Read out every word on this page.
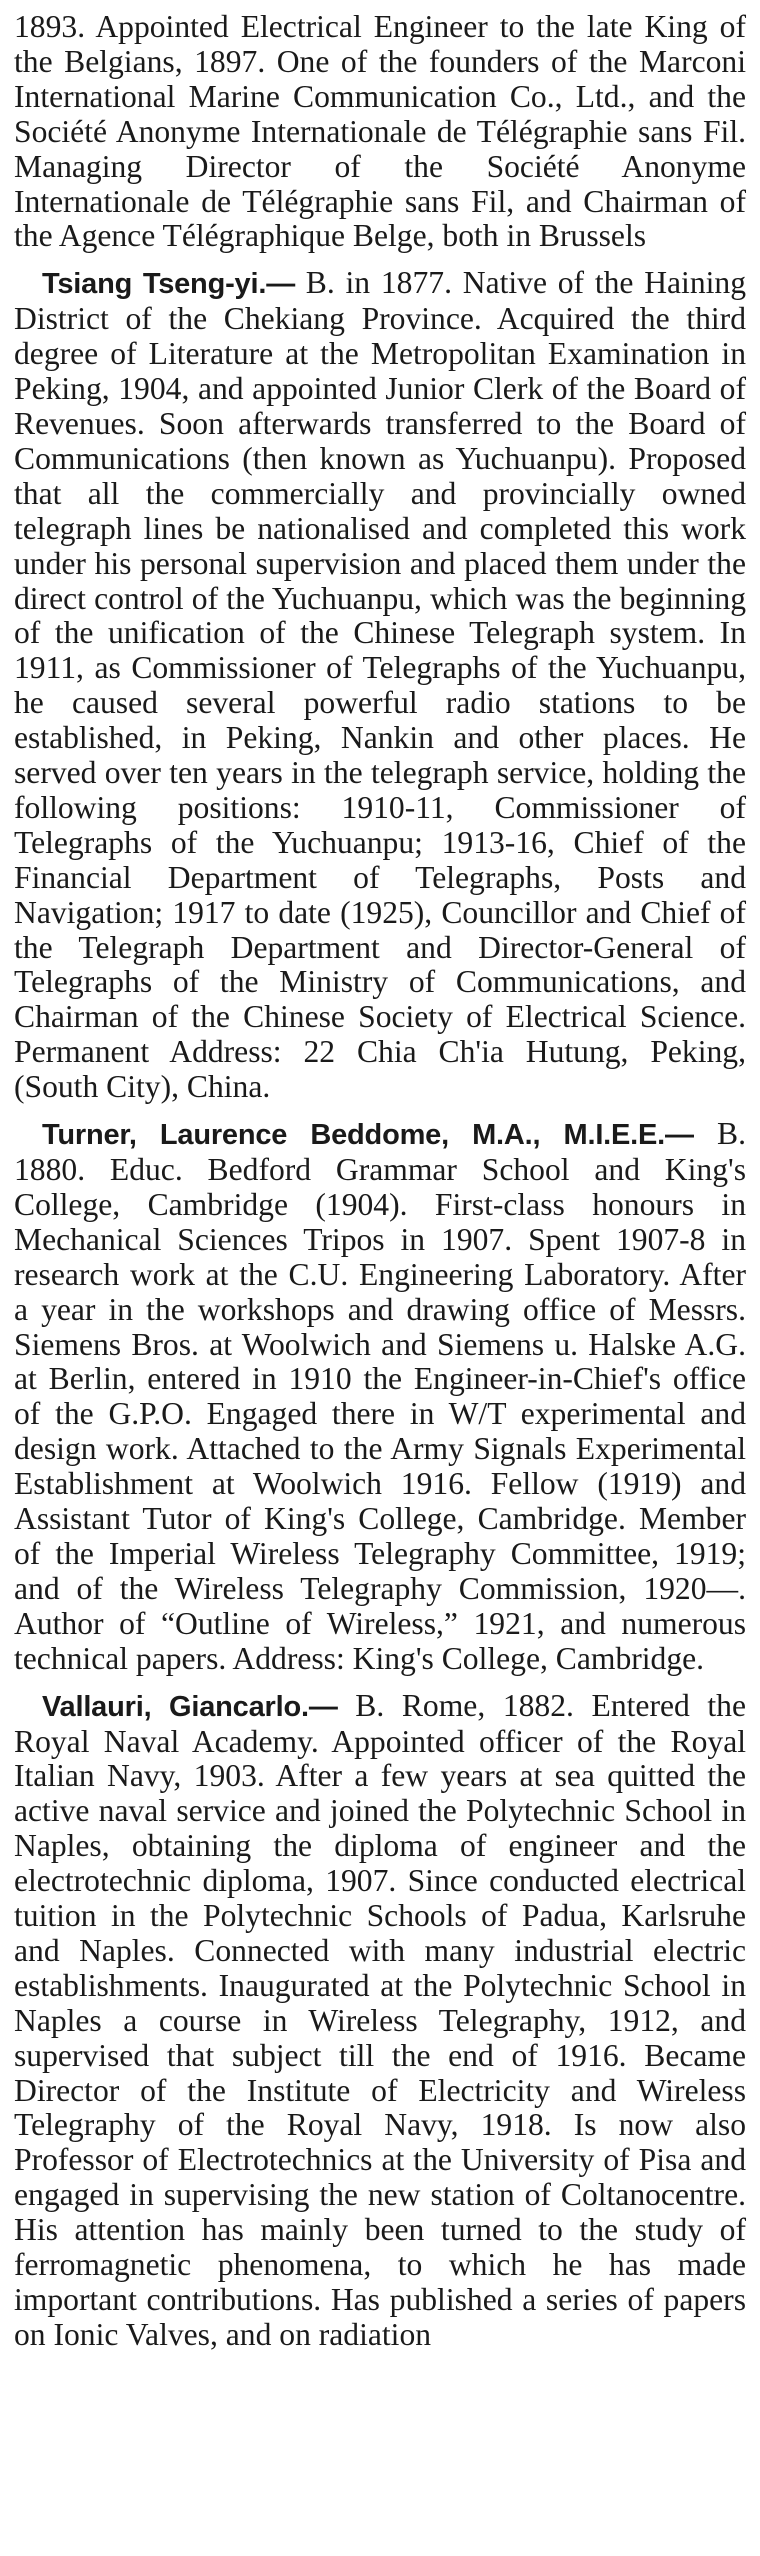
1893. Appointed Electrical Engineer to the late King of the Belgians, 1897. One of the founders of the Marconi International Marine Communication Co., Ltd., and the Société Anonyme Internationale de Télégraphie sans Fil. Managing Director of the Société Anonyme Internationale de Télégraphie sans Fil, and Chairman of the Agence Télégraphique Belge, both in Brussels

Tsiang Tseng-yi.— B. in 1877. Native of the Haining District of the Chekiang Province. Acquired the third degree of Literature at the Metropolitan Examination in Peking, 1904, and appointed Junior Clerk of the Board of Revenues. Soon afterwards transferred to the Board of Communications (then known as Yuchuanpu). Proposed that all the commercially and provincially owned telegraph lines be nationalised and completed this work under his personal supervision and placed them under the direct control of the Yuchuanpu, which was the beginning of the unification of the Chinese Telegraph system. In 1911, as Commissioner of Telegraphs of the Yuchuanpu, he caused several powerful radio stations to be established, in Peking, Nankin and other places. He served over ten years in the telegraph service, holding the following positions: 1910-11, Commissioner of Telegraphs of the Yuchuanpu; 1913-16, Chief of the Financial Department of Telegraphs, Posts and Navigation; 1917 to date (1925), Councillor and Chief of the Telegraph Department and Director-General of Telegraphs of the Ministry of Communications, and Chairman of the Chinese Society of Electrical Science. Permanent Address: 22 Chia Ch'ia Hutung, Peking, (South City), China.

Turner, Laurence Beddome, M.A., M.I.E.E.— B. 1880. Educ. Bedford Grammar School and King's College, Cambridge (1904). First-class honours in Mechanical Sciences Tripos in 1907. Spent 1907-8 in research work at the C.U. Engineering Laboratory. After a year in the workshops and drawing office of Messrs. Siemens Bros. at Woolwich and Siemens u. Halske A.G. at Berlin, entered in 1910 the Engineer-in-Chief's office of the G.P.O. Engaged there in W/T experimental and design work. Attached to the Army Signals Experimental Establishment at Woolwich 1916. Fellow (1919) and Assistant Tutor of King's College, Cambridge. Member of the Imperial Wireless Telegraphy Committee, 1919; and of the Wireless Telegraphy Commission, 1920—. Author of “Outline of Wireless,” 1921, and numerous technical papers. Address: King's College, Cambridge.

Vallauri, Giancarlo.— B. Rome, 1882. Entered the Royal Naval Academy. Appointed officer of the Royal Italian Navy, 1903. After a few years at sea quitted the active naval service and joined the Polytechnic School in Naples, obtaining the diploma of engineer and the electrotechnic diploma, 1907. Since conducted electrical tuition in the Polytechnic Schools of Padua, Karlsruhe and Naples. Connected with many industrial electric establishments. Inaugurated at the Polytechnic School in Naples a course in Wireless Telegraphy, 1912, and supervised that subject till the end of 1916. Became Director of the Institute of Electricity and Wireless Telegraphy of the Royal Navy, 1918. Is now also Professor of Electrotechnics at the University of Pisa and engaged in supervising the new station of Coltanocentre. His attention has mainly been turned to the study of ferromagnetic phenomena, to which he has made important contributions. Has published a series of papers on Ionic Valves, and on radiation
